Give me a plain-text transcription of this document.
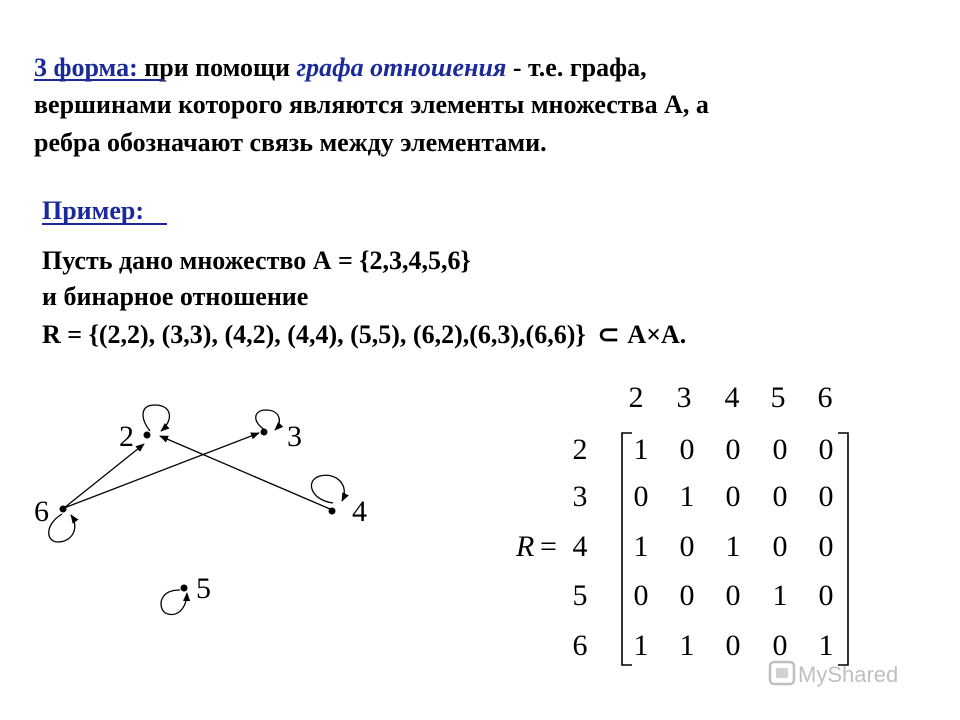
3 форма: при помощи графа отношения - т.е. графа,
вершинами которого являются элементы множества А, а
ребра обозначают связь между элементами.
Пример:
Пусть дано множество А = {2,3,4,5,6}
и бинарное отношение
R = {(2,2), (3,3), (4,2), (4,4), (5,5), (6,2),(6,3),(6,6)} ⊂ A×A.
2	3
4
5
6
2 3 4 5 6
2
3
4
5
6
R =
1 0 0 0 0
0 1 0 0 0
1 0 1 0 0
0 0 0 1 0
1 1 0 0 1
MyShared
